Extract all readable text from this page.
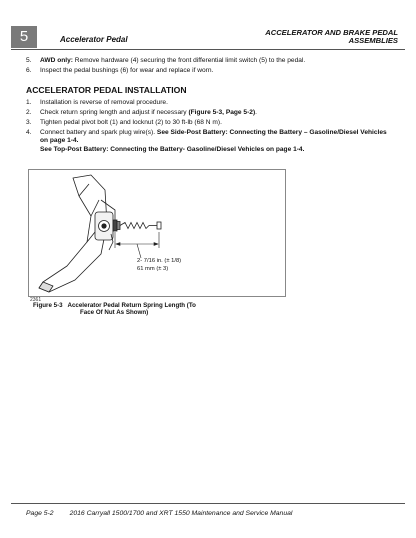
5	Accelerator Pedal
ACCELERATOR AND BRAKE PEDAL
ASSEMBLIES
5. AWD only: Remove hardware (4) securing the front differential limit switch (5) to the pedal.
6. Inspect the pedal bushings (6) for wear and replace if worn.
ACCELERATOR PEDAL INSTALLATION
1. Installation is reverse of removal procedure.
2. Check return spring length and adjust if necessary (Figure 5-3, Page 5-2).
3. Tighten pedal pivot bolt (1) and locknut (2) to 30 ft-lb (68 N m).
4. Connect battery and spark plug wire(s). See Side-Post Battery: Connecting the Battery – Gasoline/Diesel Vehicles on page 1-4.
See Top-Post Battery: Connecting the Battery- Gasoline/Diesel Vehicles on page 1-4.
2- 7/16 in. (± 1/8)
61 mm (± 3)
2361
Figure 5-3 Accelerator Pedal Return Spring Length (To
Face Of Nut As Shown)
Page 5-2 2016 Carryall 1500/1700 and XRT 1550 Maintenance and Service Manual
